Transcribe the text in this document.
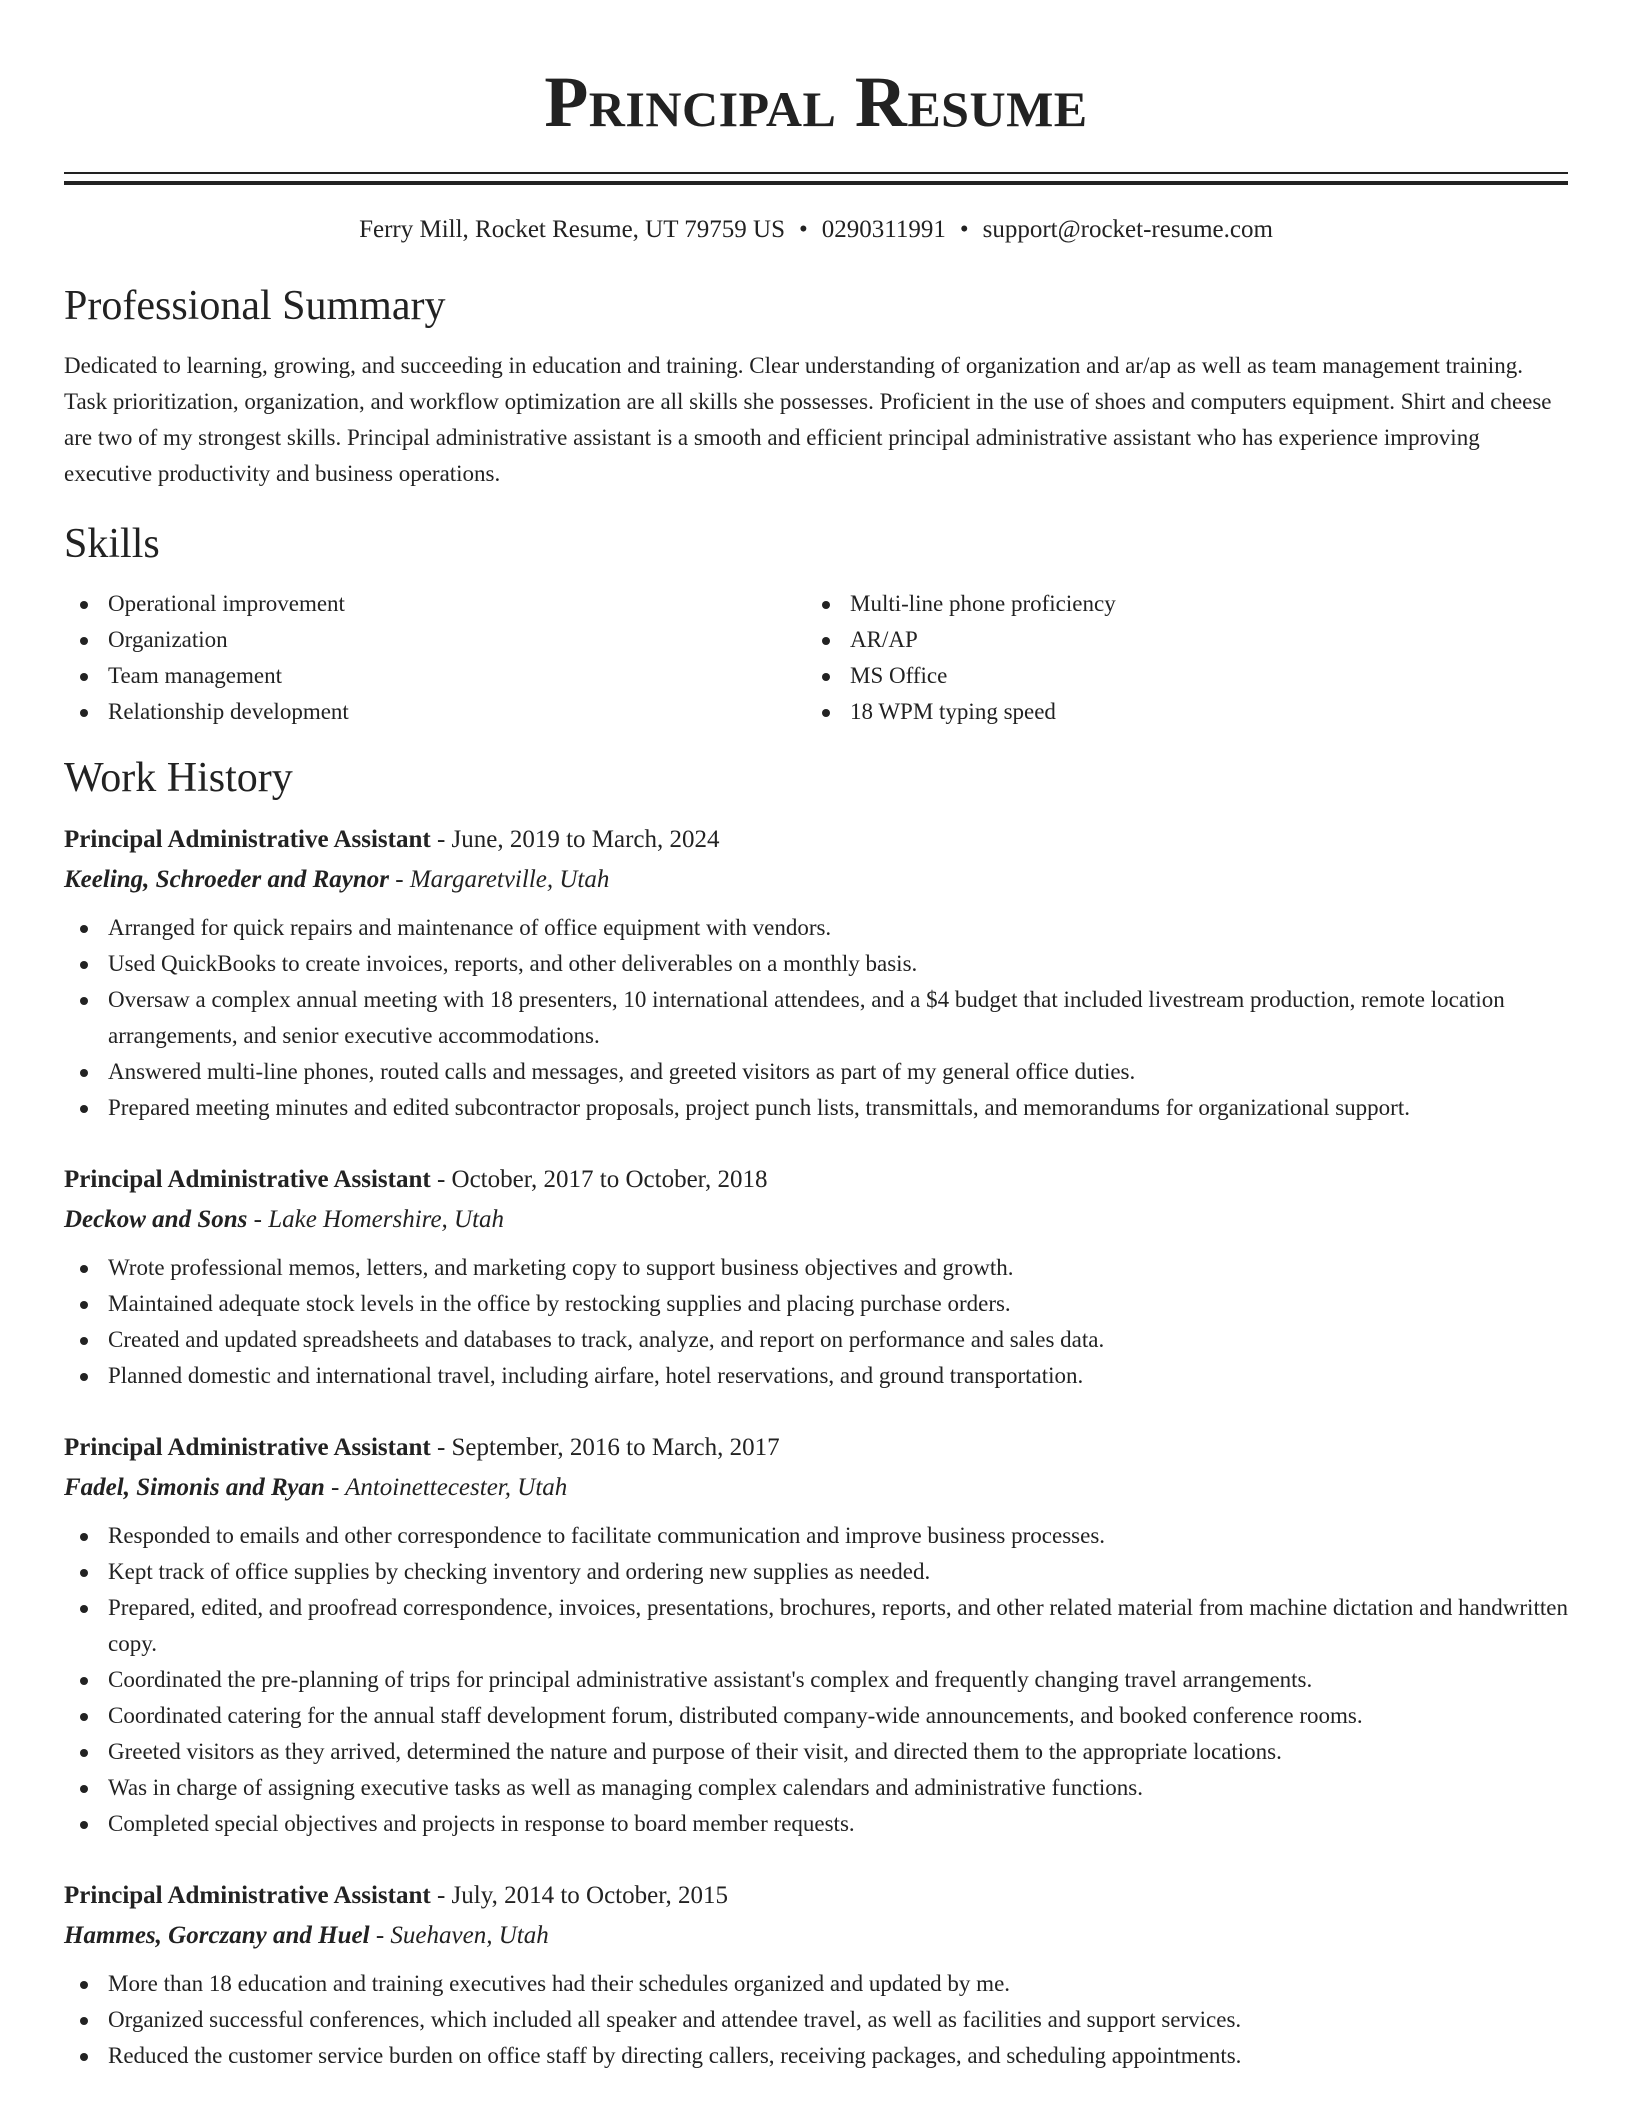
Principal Resume
Ferry Mill, Rocket Resume, UT 79759 US • 0290311991 • support@rocket-resume.com
Professional Summary

Dedicated to learning, growing, and succeeding in education and training. Clear understanding of organization and ar/ap as well as team management training. Task prioritization, organization, and workflow optimization are all skills she possesses. Proficient in the use of shoes and computers equipment. Shirt and cheese are two of my strongest skills. Principal administrative assistant is a smooth and efficient principal administrative assistant who has experience improving executive productivity and business operations.

Skills
Operational improvement
Organization
Team management
Relationship development
Multi-line phone proficiency
AR/AP
MS Office
18 WPM typing speed
Work History
Principal Administrative Assistant - June, 2019 to March, 2024
Keeling, Schroeder and Raynor - Margaretville, Utah
Arranged for quick repairs and maintenance of office equipment with vendors.
Used QuickBooks to create invoices, reports, and other deliverables on a monthly basis.
Oversaw a complex annual meeting with 18 presenters, 10 international attendees, and a $4 budget that included livestream production, remote location arrangements, and senior executive accommodations.
Answered multi-line phones, routed calls and messages, and greeted visitors as part of my general office duties.
Prepared meeting minutes and edited subcontractor proposals, project punch lists, transmittals, and memorandums for organizational support.
Principal Administrative Assistant - October, 2017 to October, 2018
Deckow and Sons - Lake Homershire, Utah
Wrote professional memos, letters, and marketing copy to support business objectives and growth.
Maintained adequate stock levels in the office by restocking supplies and placing purchase orders.
Created and updated spreadsheets and databases to track, analyze, and report on performance and sales data.
Planned domestic and international travel, including airfare, hotel reservations, and ground transportation.
Principal Administrative Assistant - September, 2016 to March, 2017
Fadel, Simonis and Ryan - Antoinettecester, Utah
Responded to emails and other correspondence to facilitate communication and improve business processes.
Kept track of office supplies by checking inventory and ordering new supplies as needed.
Prepared, edited, and proofread correspondence, invoices, presentations, brochures, reports, and other related material from machine dictation and handwritten copy.
Coordinated the pre-planning of trips for principal administrative assistant's complex and frequently changing travel arrangements.
Coordinated catering for the annual staff development forum, distributed company-wide announcements, and booked conference rooms.
Greeted visitors as they arrived, determined the nature and purpose of their visit, and directed them to the appropriate locations.
Was in charge of assigning executive tasks as well as managing complex calendars and administrative functions.
Completed special objectives and projects in response to board member requests.
Principal Administrative Assistant - July, 2014 to October, 2015
Hammes, Gorczany and Huel - Suehaven, Utah
More than 18 education and training executives had their schedules organized and updated by me.
Organized successful conferences, which included all speaker and attendee travel, as well as facilities and support services.
Reduced the customer service burden on office staff by directing callers, receiving packages, and scheduling appointments.
